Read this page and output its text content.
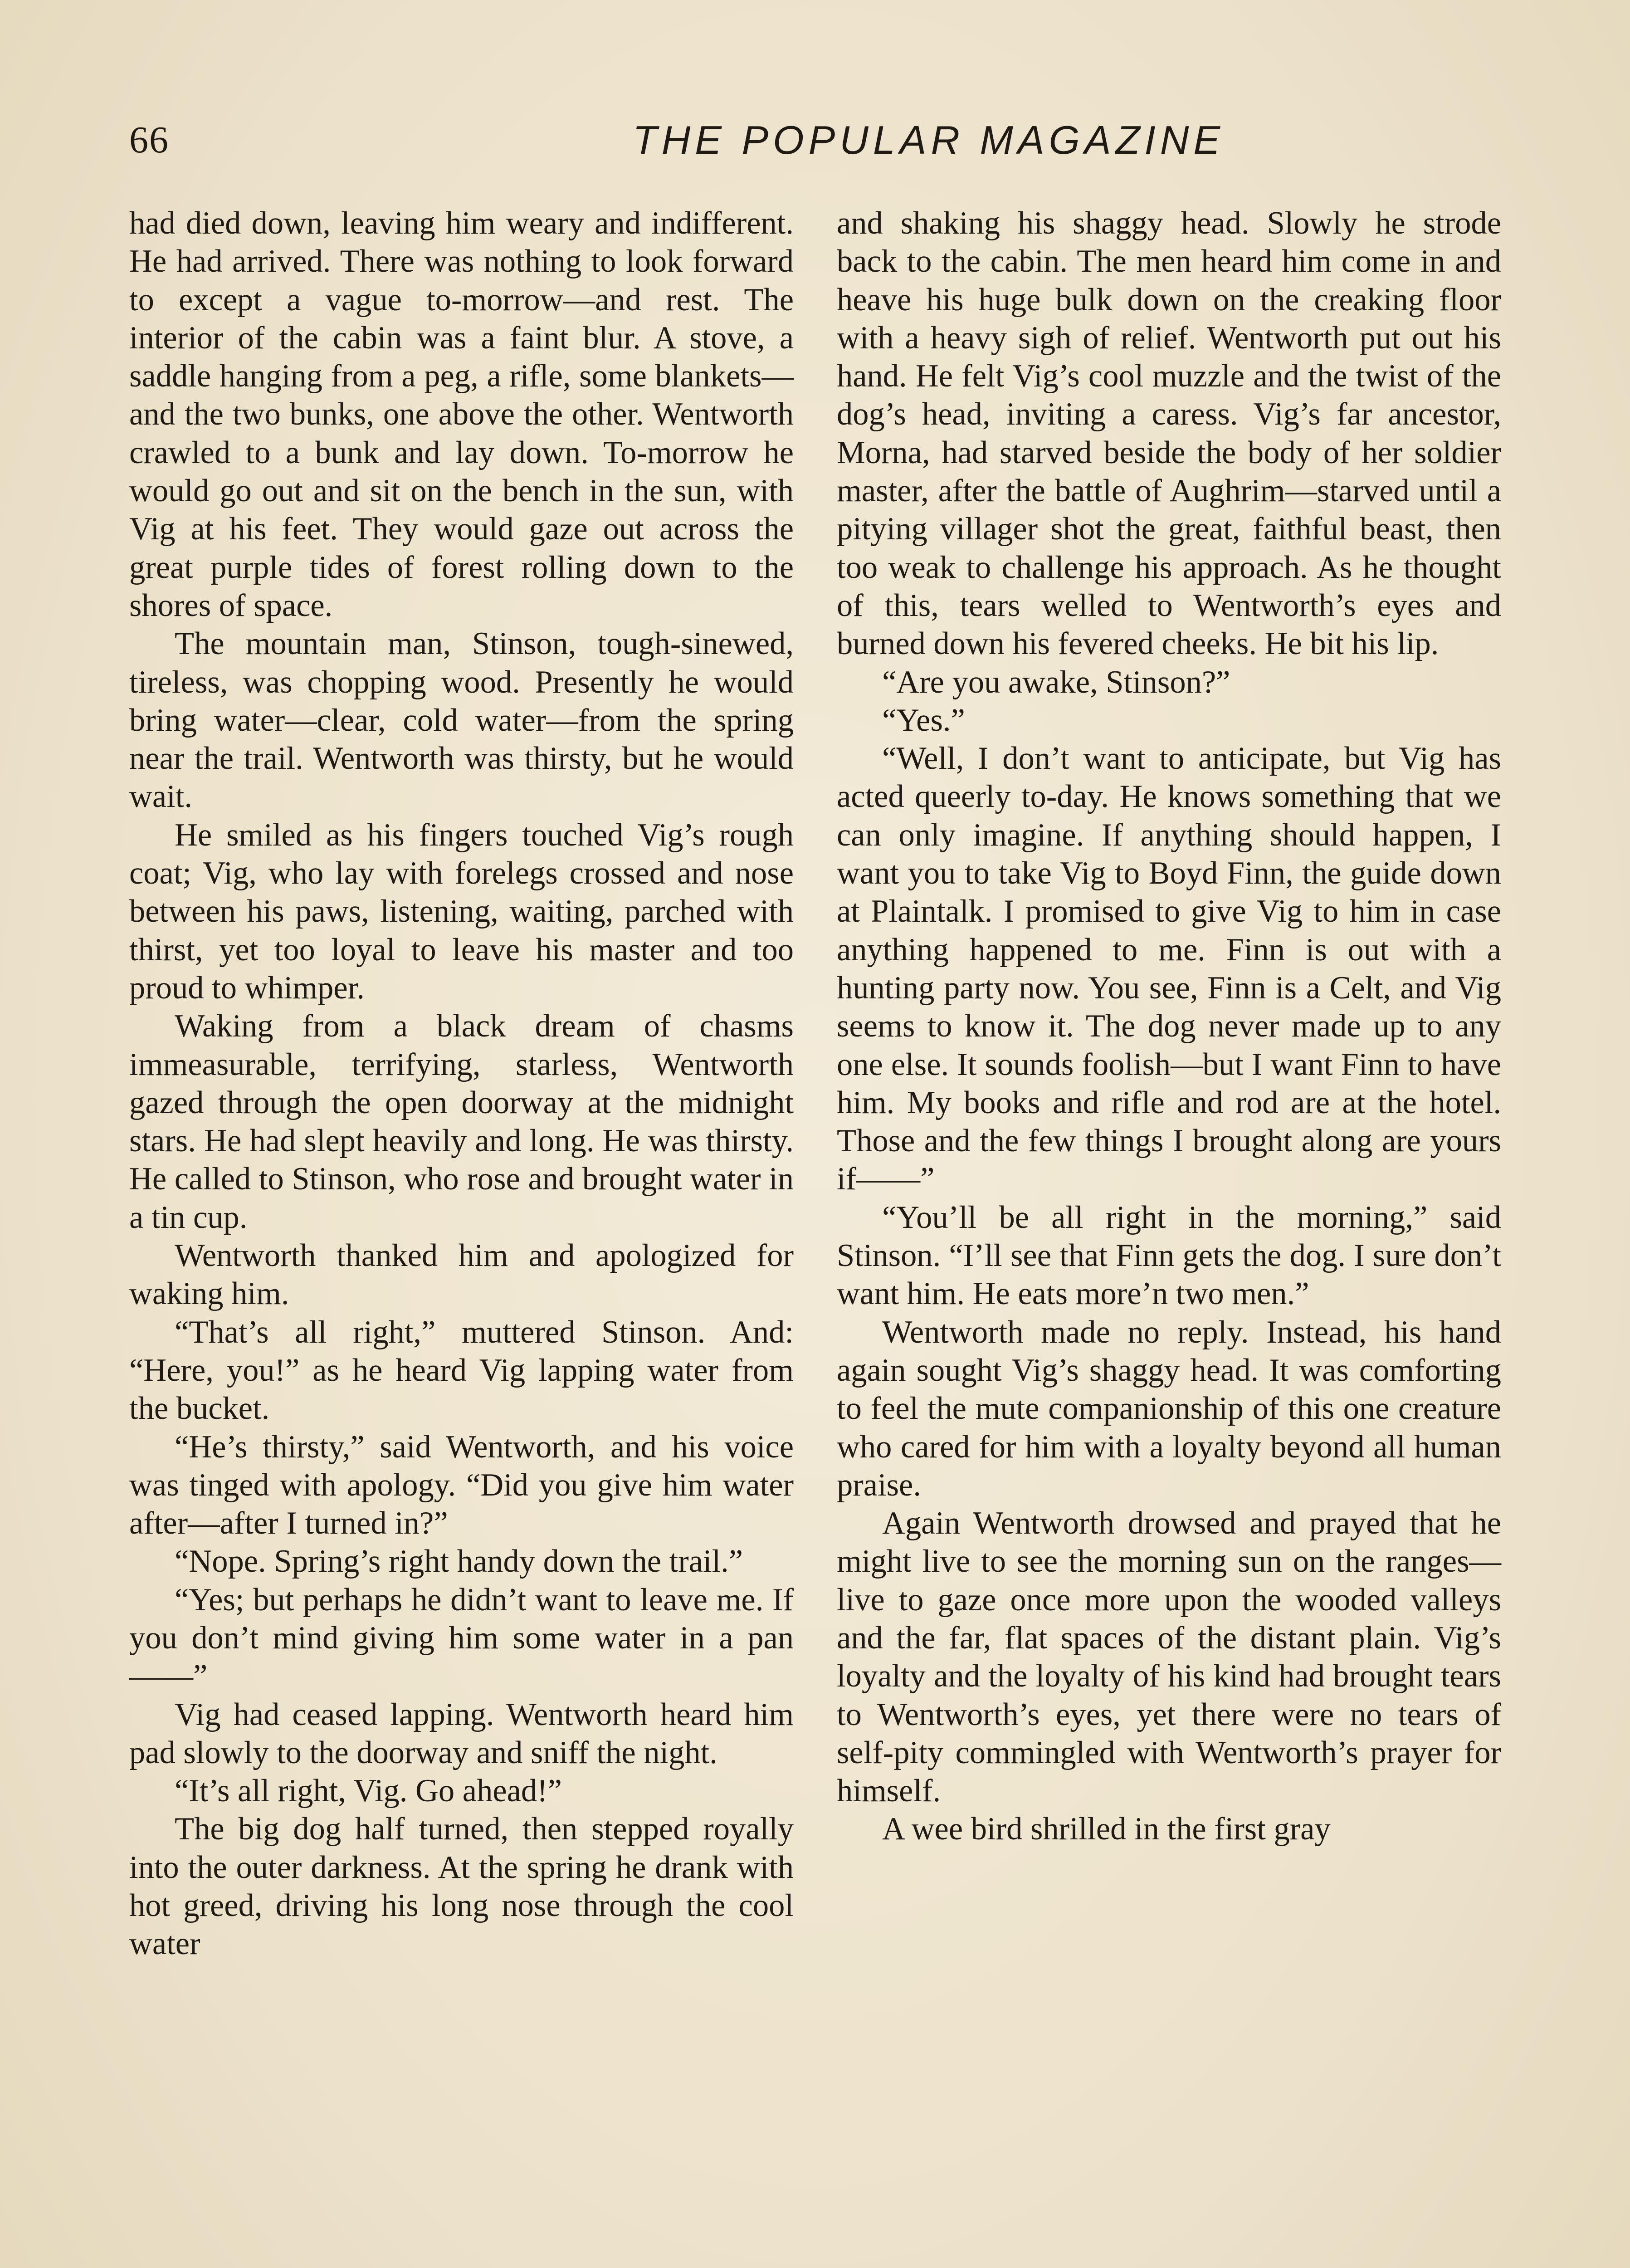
66	THE POPULAR MAGAZINE

had died down, leaving him weary and indifferent. He had arrived. There was nothing to look forward to except a vague to-morrow—and rest. The interior of the cabin was a faint blur. A stove, a saddle hanging from a peg, a rifle, some blankets—and the two bunks, one above the other. Wentworth crawled to a bunk and lay down. To-morrow he would go out and sit on the bench in the sun, with Vig at his feet. They would gaze out across the great purple tides of forest rolling down to the shores of space.

The mountain man, Stinson, tough-sinewed, tireless, was chopping wood. Presently he would bring water—clear, cold water—from the spring near the trail. Wentworth was thirsty, but he would wait.

He smiled as his fingers touched Vig’s rough coat; Vig, who lay with forelegs crossed and nose between his paws, listening, waiting, parched with thirst, yet too loyal to leave his master and too proud to whimper.

Waking from a black dream of chasms immeasurable, terrifying, starless, Wentworth gazed through the open doorway at the midnight stars. He had slept heavily and long. He was thirsty. He called to Stinson, who rose and brought water in a tin cup.

Wentworth thanked him and apologized for waking him.

“That’s all right,” muttered Stinson. And: “Here, you!” as he heard Vig lapping water from the bucket.

“He’s thirsty,” said Wentworth, and his voice was tinged with apology. “Did you give him water after—after I turned in?”

“Nope. Spring’s right handy down the trail.”

“Yes; but perhaps he didn’t want to leave me. If you don’t mind giving him some water in a pan——”

Vig had ceased lapping. Wentworth heard him pad slowly to the doorway and sniff the night.

“It’s all right, Vig. Go ahead!”

The big dog half turned, then stepped royally into the outer darkness. At the spring he drank with hot greed, driving his long nose through the cool water

and shaking his shaggy head. Slowly he strode back to the cabin. The men heard him come in and heave his huge bulk down on the creaking floor with a heavy sigh of relief. Wentworth put out his hand. He felt Vig’s cool muzzle and the twist of the dog’s head, inviting a caress. Vig’s far ancestor, Morna, had starved beside the body of her soldier master, after the battle of Aughrim—starved until a pitying villager shot the great, faithful beast, then too weak to challenge his approach. As he thought of this, tears welled to Wentworth’s eyes and burned down his fevered cheeks. He bit his lip.

“Are you awake, Stinson?”

“Yes.”

“Well, I don’t want to anticipate, but Vig has acted queerly to-day. He knows something that we can only imagine. If anything should happen, I want you to take Vig to Boyd Finn, the guide down at Plaintalk. I promised to give Vig to him in case anything happened to me. Finn is out with a hunting party now. You see, Finn is a Celt, and Vig seems to know it. The dog never made up to any one else. It sounds foolish—but I want Finn to have him. My books and rifle and rod are at the hotel. Those and the few things I brought along are yours if——”

“You’ll be all right in the morning,” said Stinson. “I’ll see that Finn gets the dog. I sure don’t want him. He eats more’n two men.”

Wentworth made no reply. Instead, his hand again sought Vig’s shaggy head. It was comforting to feel the mute companionship of this one creature who cared for him with a loyalty beyond all human praise.

Again Wentworth drowsed and prayed that he might live to see the morning sun on the ranges—live to gaze once more upon the wooded valleys and the far, flat spaces of the distant plain. Vig’s loyalty and the loyalty of his kind had brought tears to Wentworth’s eyes, yet there were no tears of self-pity commingled with Wentworth’s prayer for himself.

A wee bird shrilled in the first gray
